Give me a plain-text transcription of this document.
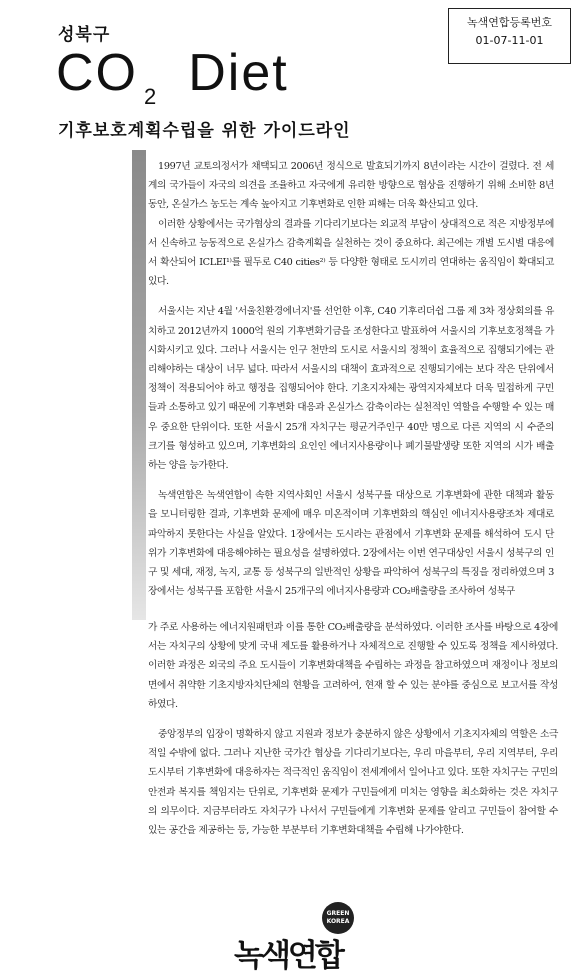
녹색연합등록번호
01-07-11-01
성북구
CO $_2$ Diet
기후보호계획수립을 위한 가이드라인

1997년 교토의정서가 채택되고 2006년 정식으로 발효되기까지 8년이라는 시간이 걸렸다. 전 세계의 국가들이 자국의 의견을 조율하고 자국에게 유리한 방향으로 협상을 진행하기 위해 소비한 8년 동안, 온실가스 농도는 계속 높아지고 기후변화로 인한 피해는 더욱 확산되고 있다.

이러한 상황에서는 국가협상의 결과를 기다리기보다는 외교적 부담이 상대적으로 적은 지방정부에서 신속하고 능동적으로 온실가스 감축계획을 실천하는 것이 중요하다. 최근에는 개별 도시별 대응에서 확산되어 ICLEI¹⁾를 필두로 C40 cities²⁾ 등 다양한 형태로 도시끼리 연대하는 움직임이 확대되고 있다.

서울시는 지난 4월 '서울친환경에너지'를 선언한 이후, C40 기후리더쉽 그룹 제 3차 정상회의를 유치하고 2012년까지 1000억 원의 기후변화기금을 조성한다고 발표하여 서울시의 기후보호정책을 가시화시키고 있다. 그러나 서울시는 인구 천만의 도시로 서울시의 정책이 효율적으로 집행되기에는 관리해야하는 대상이 너무 넓다. 따라서 서울시의 대책이 효과적으로 진행되기에는 보다 작은 단위에서 정책이 적용되어야 하고 행정을 집행되어야 한다. 기초지자체는 광역지자체보다 더욱 밀접하게 구민들과 소통하고 있기 때문에 기후변화 대응과 온실가스 감축이라는 실천적인 역할을 수행할 수 있는 매우 중요한 단위이다. 또한 서울시 25개 자치구는 평균거주인구 40만 명으로 다른 지역의 시 수준의 크기를 형성하고 있으며, 기후변화의 요인인 에너지사용량이나 폐기물발생량 또한 지역의 시가 배출하는 양을 능가한다.

녹색연합은 녹색연합이 속한 지역사회인 서울시 성북구를 대상으로 기후변화에 관한 대책과 활동을 모니터링한 결과, 기후변화 문제에 매우 미온적이며 기후변화의 핵심인 에너지사용량조차 제대로 파악하지 못한다는 사실을 알았다. 1장에서는 도시라는 관점에서 기후변화 문제를 해석하여 도시 단위가 기후변화에 대응해야하는 필요성을 설명하였다. 2장에서는 이번 연구대상인 서울시 성북구의 인구 및 세대, 재정, 녹지, 교통 등 성북구의 일반적인 상황을 파악하여 성북구의 특징을 정리하였으며 3장에서는 성북구를 포함한 서울시 25개구의 에너지사용량과 CO₂배출량을 조사하여 성북구

가 주로 사용하는 에너지원패턴과 이를 통한 CO₂배출량을 분석하였다. 이러한 조사를 바탕으로 4장에서는 자치구의 상황에 맞게 국내 제도를 활용하거나 자체적으로 진행할 수 있도록 정책을 제시하였다. 이러한 과정은 외국의 주요 도시들이 기후변화대책을 수립하는 과정을 참고하였으며 재정이나 정보의 면에서 취약한 기초지방자치단체의 현황을 고려하여, 현재 할 수 있는 분야를 중심으로 보고서를 작성하였다.

중앙정부의 입장이 명확하지 않고 지원과 정보가 충분하지 않은 상황에서 기초지자체의 역할은 소극적일 수밖에 없다. 그러나 지난한 국가간 협상을 기다리기보다는, 우리 마을부터, 우리 지역부터, 우리 도시부터 기후변화에 대응하자는 적극적인 움직임이 전세계에서 일어나고 있다. 또한 자치구는 구민의 안전과 복지를 책임지는 단위로, 기후변화 문제가 구민들에게 미치는 영향을 최소화하는 것은 자치구의 의무이다. 지금부터라도 자치구가 나서서 구민들에게 기후변화 문제를 알리고 구민들이 참여할 수 있는 공간을 제공하는 등, 가능한 부분부터 기후변화대책을 수립해 나가야한다.

GREEN
KOREA
녹색연합
